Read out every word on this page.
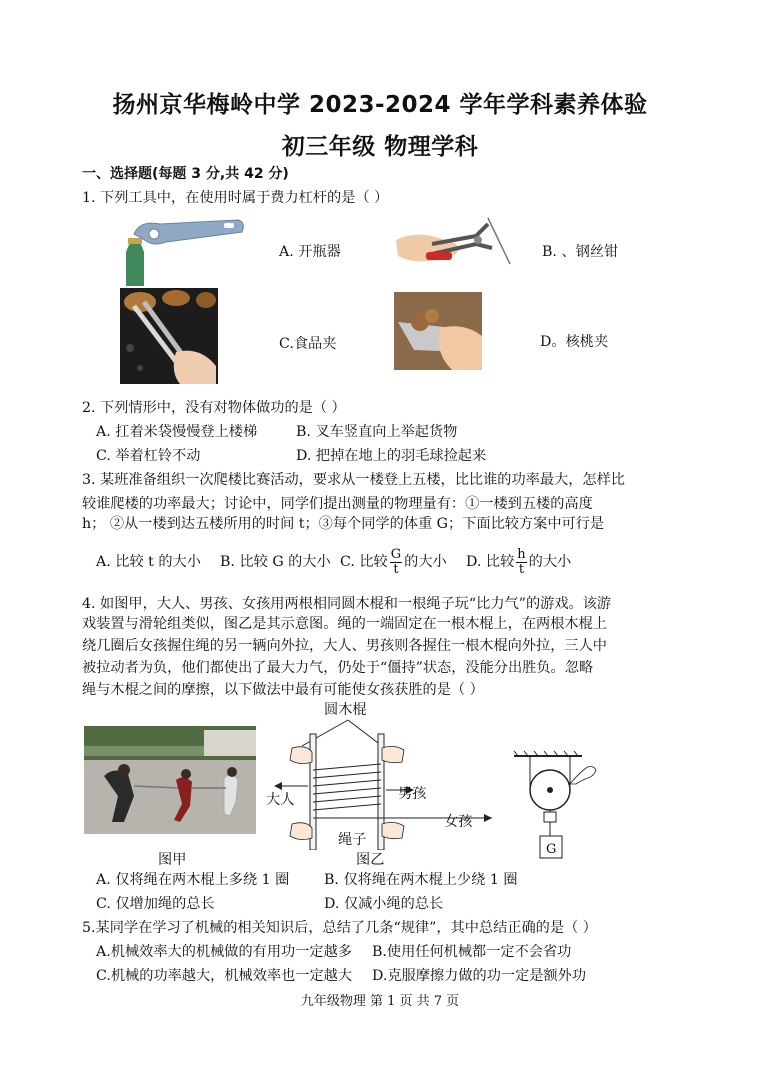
扬州京华梅岭中学 2023-2024 学年学科素养体验
初三年级 物理学科
一、选择题(每题 3 分,共 42 分)
1. 下列工具中，在使用时属于费力杠杆的是（ ）
A. 开瓶器	B. 、钢丝钳
C.食品夹	D。核桃夹
2. 下列情形中，没有对物体做功的是（ ）
A. 扛着米袋慢慢登上楼梯	B. 叉车竖直向上举起货物
C. 举着杠铃不动	D. 把掉在地上的羽毛球捡起来
3. 某班准备组织一次爬楼比赛活动，要求从一楼登上五楼，比比谁的功率最大，怎样比
较谁爬楼的功率最大；讨论中，同学们提出测量的物理量有：①一楼到五楼的高度
h； ②从一楼到达五楼所用的时间 t；③每个同学的体重 G；下面比较方案中可行是
A. 比较 t 的大小 B. 比较 G 的大小 C. 比较 $\frac{G}{t}$ 的大小 D. 比较 $\frac{h}{t}$ 的大小
4. 如图甲，大人、男孩、女孩用两根相同圆木棍和一根绳子玩“比力气”的游戏。该游
戏装置与滑轮组类似，图乙是其示意图。绳的一端固定在一根木棍上，在两根木棍上
绕几圈后女孩握住绳的另一辆向外拉，大人、男孩则各握住一根木棍向外拉，三人中
被拉动者为负，他们都使出了最大力气，仍处于“僵持”状态，没能分出胜负。忽略
绳与木棍之间的摩擦，以下做法中最有可能使女孩获胜的是（ ）
图甲
圆木棍
大人	男孩
女孩
绳子
图乙
G
A. 仅将绳在两木棍上多绕 1 圈 B. 仅将绳在两木棍上少绕 1 圈
C. 仅增加绳的总长	D. 仅减小绳的总长
5.某同学在学习了机械的相关知识后，总结了几条“规律”，其中总结正确的是（ ）
A.机械效率大的机械做的有用功一定越多 B.使用任何机械都一定不会省功
C.机械的功率越大，机械效率也一定越大 D.克服摩擦力做的功一定是额外功
九年级物理 第 1 页 共 7 页
